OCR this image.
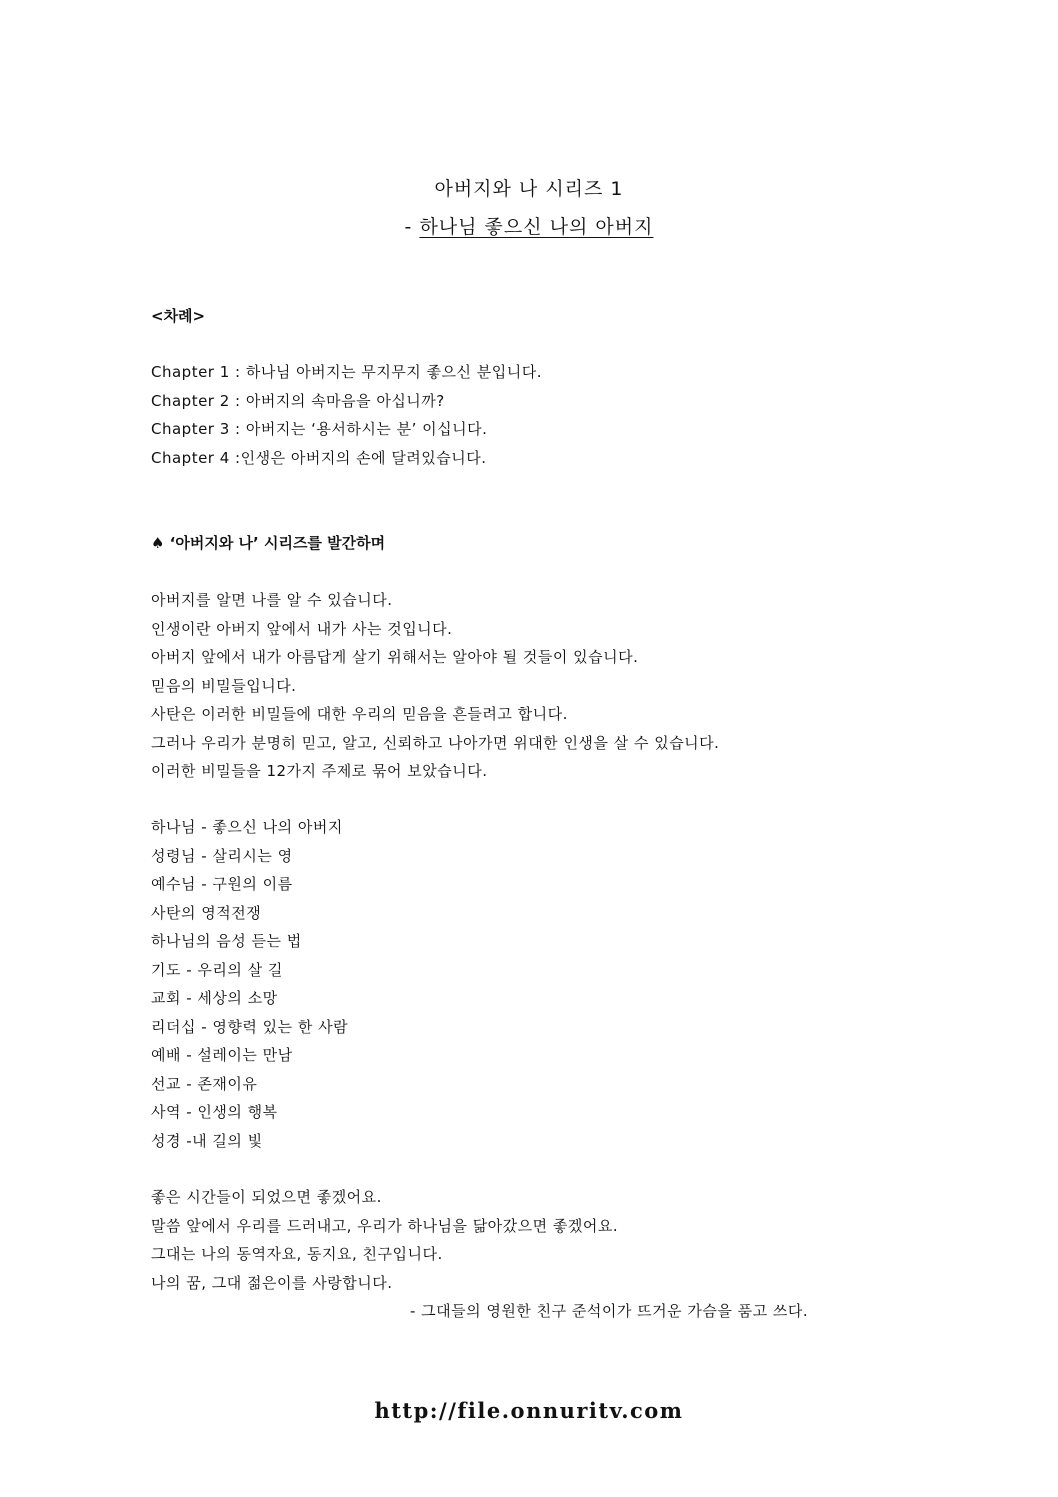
아버지와 나 시리즈 1
- 하나님 좋으신 나의 아버지
<차례>
Chapter 1 : 하나님 아버지는 무지무지 좋으신 분입니다.
Chapter 2 : 아버지의 속마음을 아십니까?
Chapter 3 : 아버지는 ‘용서하시는 분’ 이십니다.
Chapter 4 :인생은 아버지의 손에 달려있습니다.
♠ ‘아버지와 나’ 시리즈를 발간하며
아버지를 알면 나를 알 수 있습니다.
인생이란 아버지 앞에서 내가 사는 것입니다.
아버지 앞에서 내가 아름답게 살기 위해서는 알아야 될 것들이 있습니다.
믿음의 비밀들입니다.
사탄은 이러한 비밀들에 대한 우리의 믿음을 흔들려고 합니다.
그러나 우리가 분명히 믿고, 알고, 신뢰하고 나아가면 위대한 인생을 살 수 있습니다.
이러한 비밀들을 12가지 주제로 묶어 보았습니다.
하나님 - 좋으신 나의 아버지
성령님 - 살리시는 영
예수님 - 구원의 이름
사탄의 영적전쟁
하나님의 음성 듣는 법
기도 - 우리의 살 길
교회 - 세상의 소망
리더십 - 영향력 있는 한 사람
예배 - 설레이는 만남
선교 - 존재이유
사역 - 인생의 행복
성경 -내 길의 빛
좋은 시간들이 되었으면 좋겠어요.
말씀 앞에서 우리를 드러내고, 우리가 하나님을 닮아갔으면 좋겠어요.
그대는 나의 동역자요, 동지요, 친구입니다.
나의 꿈, 그대 젊은이를 사랑합니다.
- 그대들의 영원한 친구 준석이가 뜨거운 가슴을 품고 쓰다.
http://file.onnuritv.com
